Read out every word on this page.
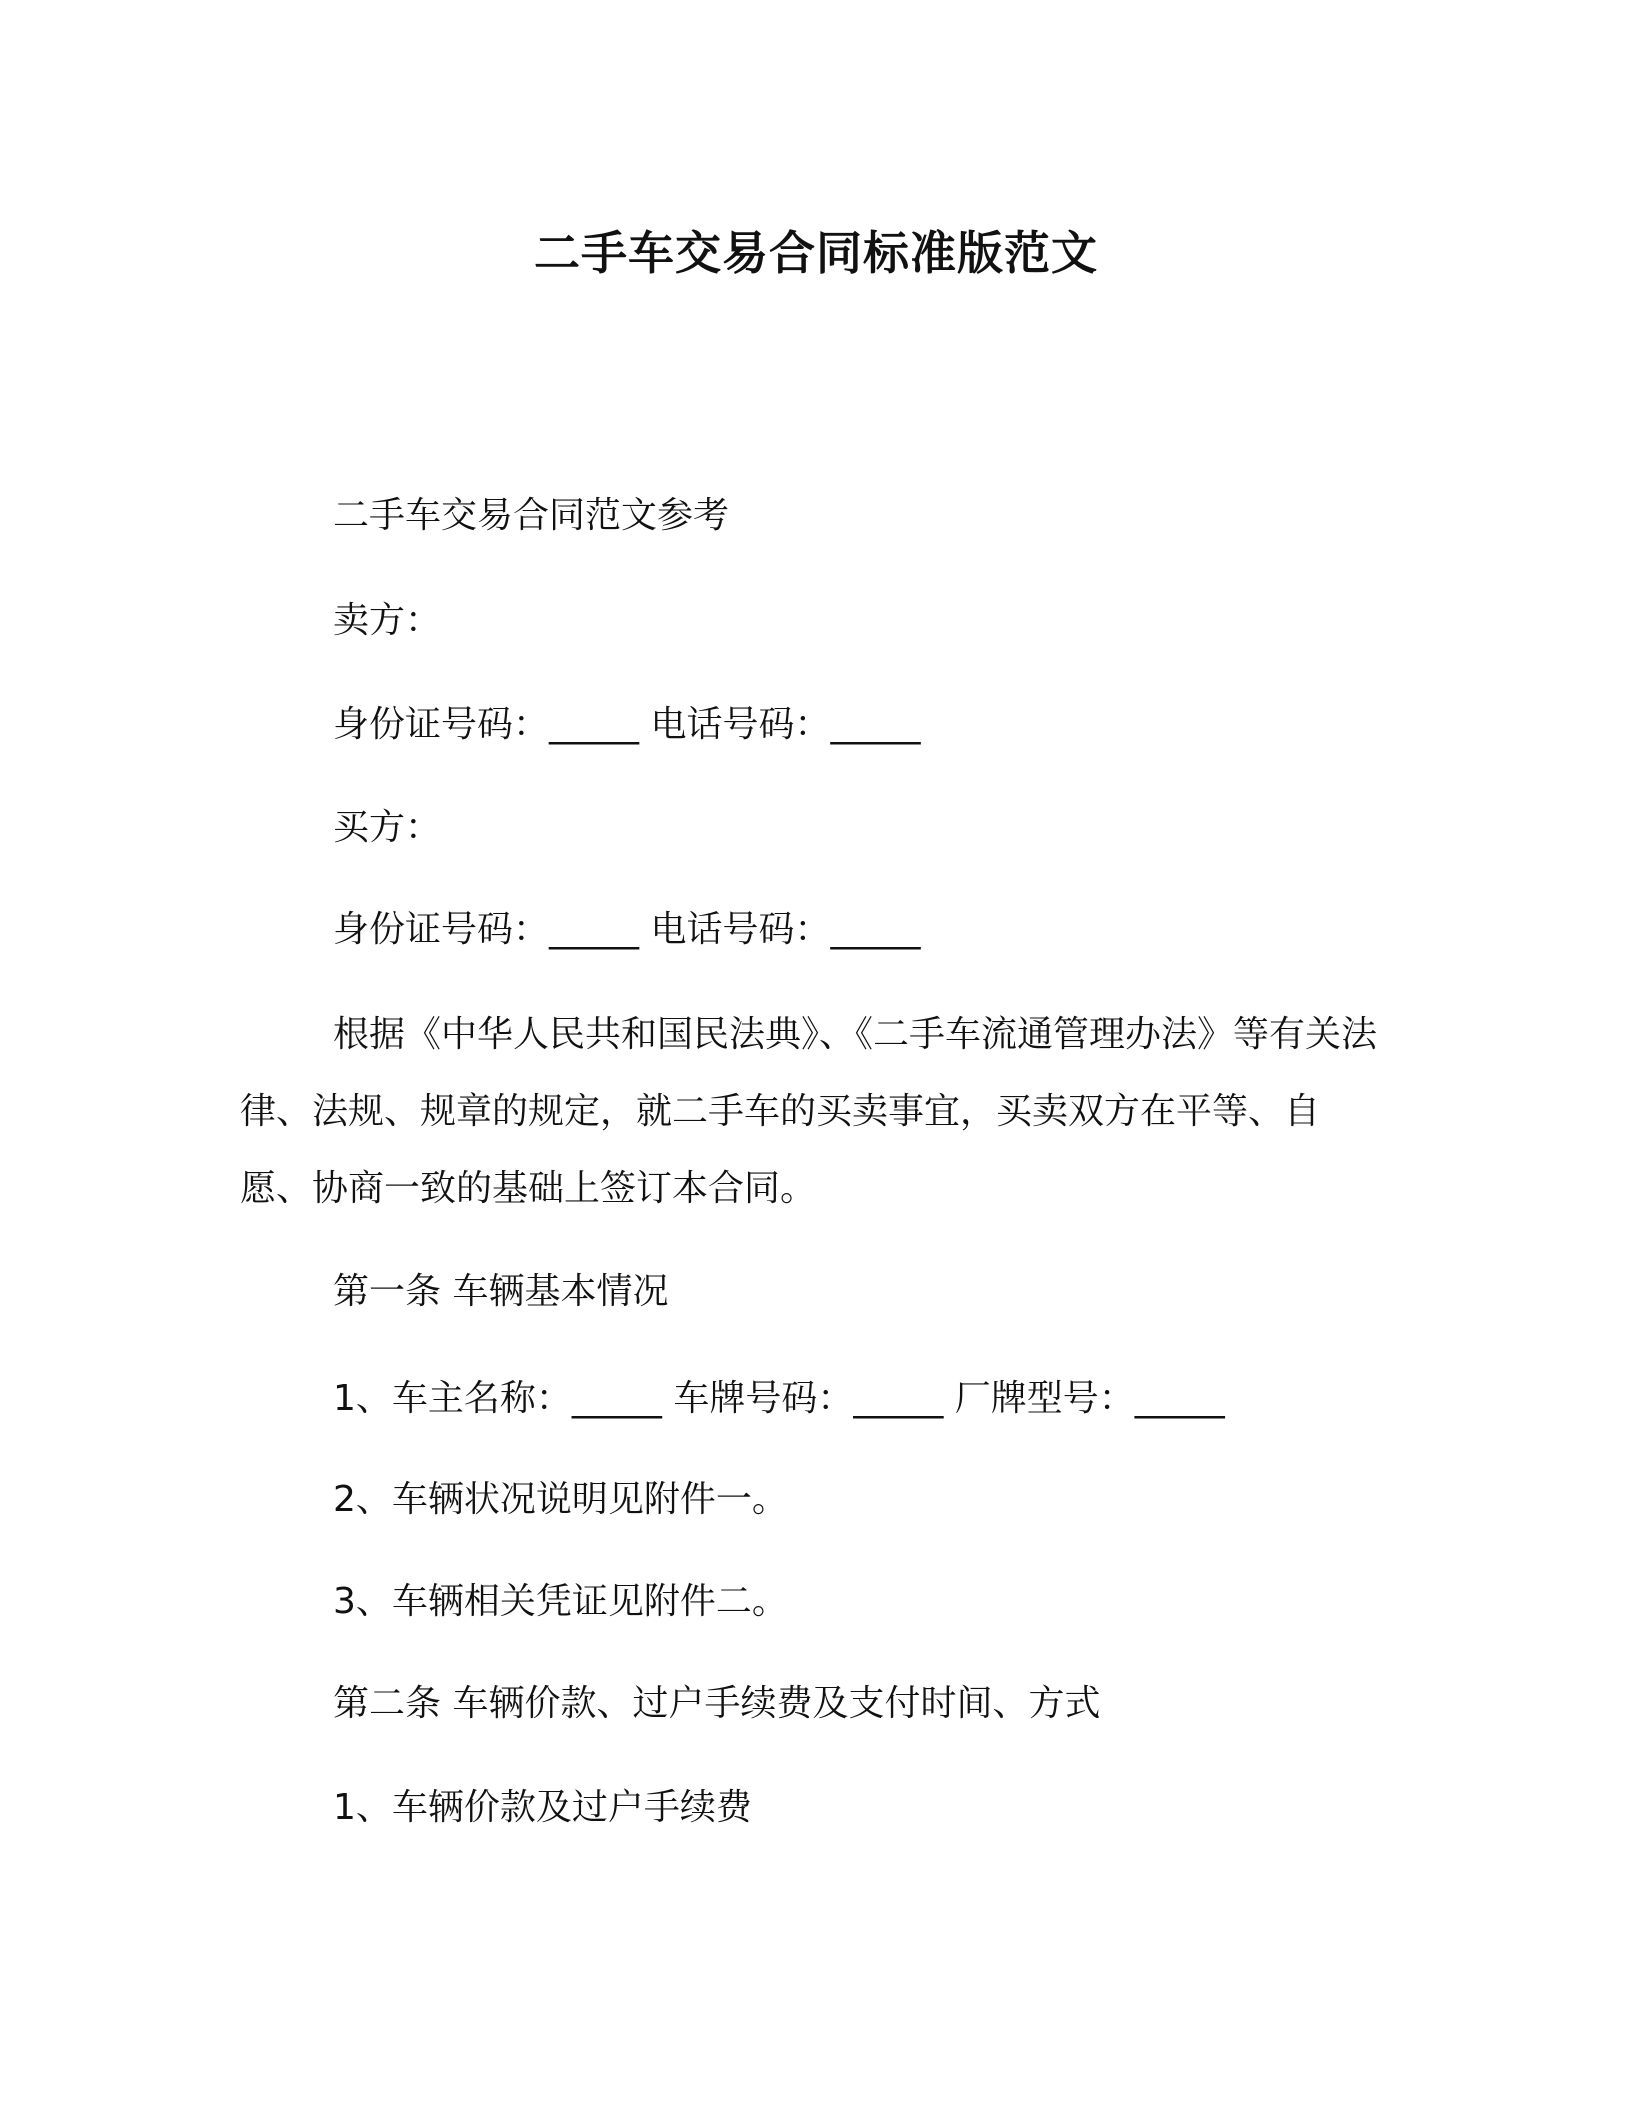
二手车交易合同标准版范文
二手车交易合同范文参考
卖方：
身份证号码：_____ 电话号码：_____
买方：
身份证号码：_____ 电话号码：_____
根据《中华人民共和国民法典》、《二手车流通管理办法》等有关法律、法规、规章的规定，就二手车的买卖事宜，买卖双方在平等、自愿、协商一致的基础上签订本合同。
第一条 车辆基本情况
1、车主名称：_____ 车牌号码：_____ 厂牌型号：_____
2、车辆状况说明见附件一。
3、车辆相关凭证见附件二。
第二条 车辆价款、过户手续费及支付时间、方式
1、车辆价款及过户手续费
